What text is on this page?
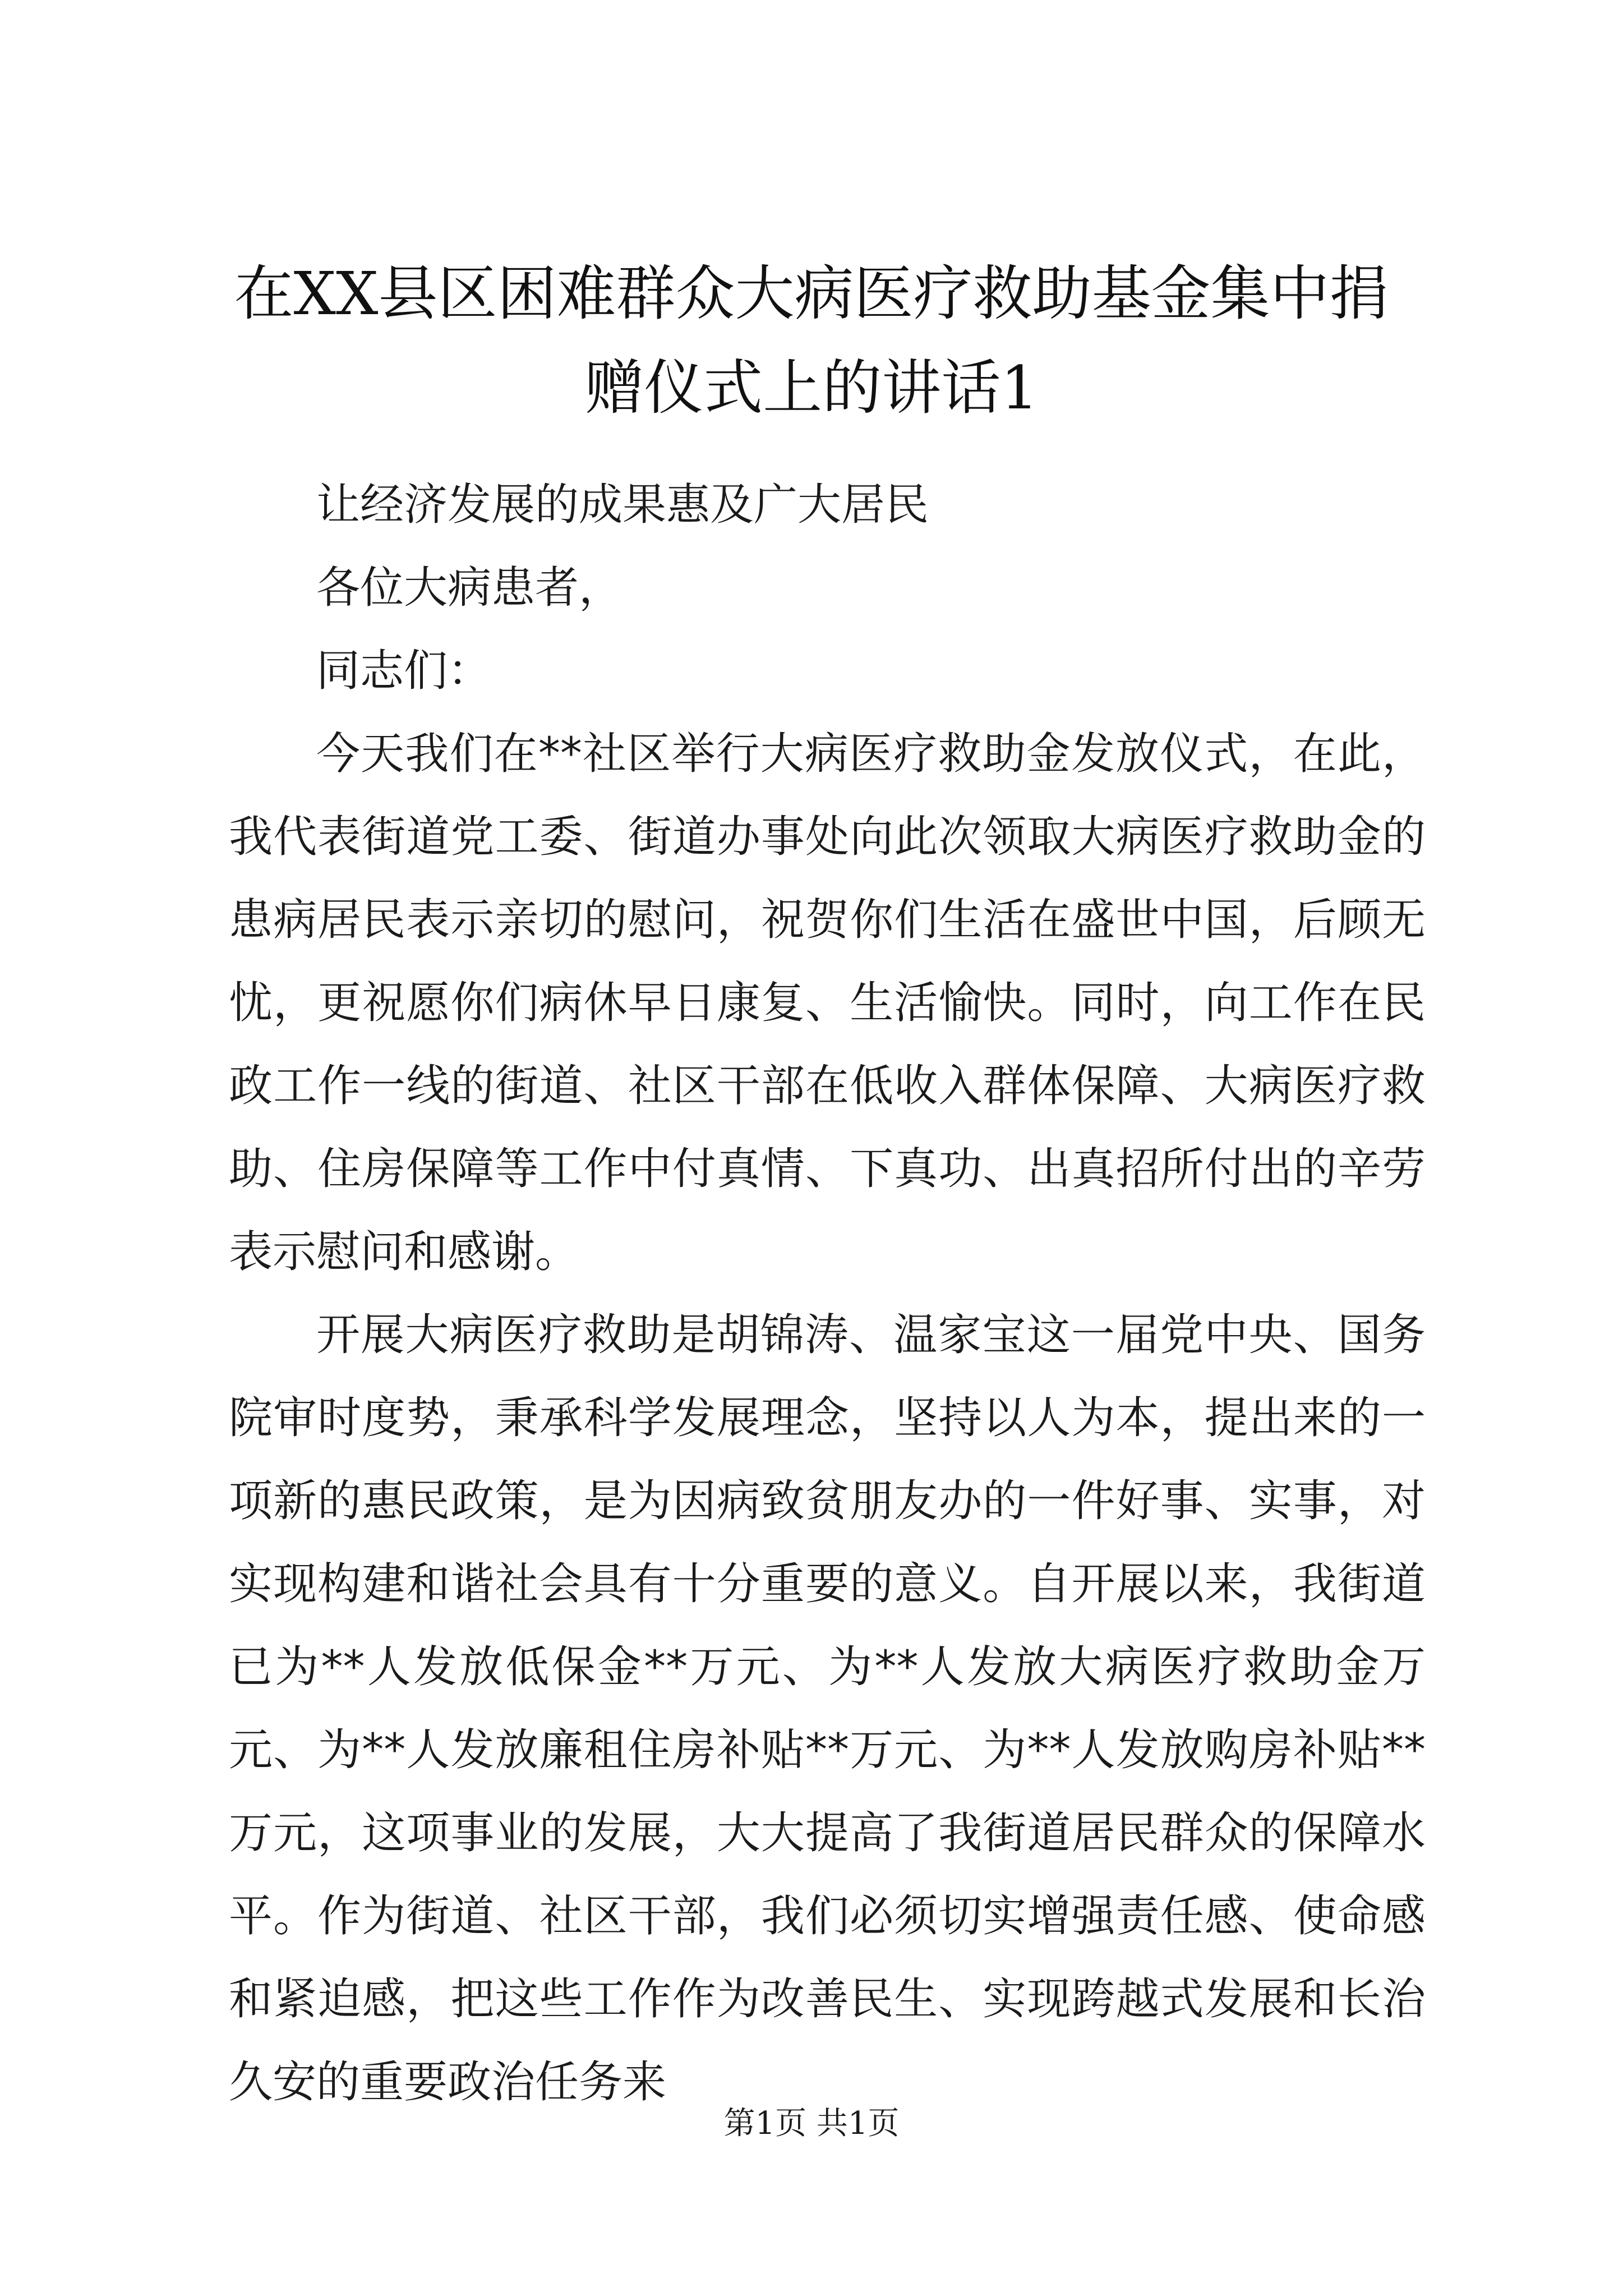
在XX县区困难群众大病医疗救助基金集中捐赠仪式上的讲话1

让经济发展的成果惠及广大居民

各位大病患者，

同志们：

今天我们在**社区举行大病医疗救助金发放仪式，在此，我代表街道党工委、街道办事处向此次领取大病医疗救助金的患病居民表示亲切的慰问，祝贺你们生活在盛世中国，后顾无忧，更祝愿你们病休早日康复、生活愉快。同时，向工作在民政工作一线的街道、社区干部在低收入群体保障、大病医疗救助、住房保障等工作中付真情、下真功、出真招所付出的辛劳表示慰问和感谢。

开展大病医疗救助是胡锦涛、温家宝这一届党中央、国务院审时度势，秉承科学发展理念，坚持以人为本，提出来的一项新的惠民政策，是为因病致贫朋友办的一件好事、实事，对实现构建和谐社会具有十分重要的意义。自开展以来，我街道已为**人发放低保金**万元、为**人发放大病医疗救助金万元、为**人发放廉租住房补贴**万元、为**人发放购房补贴**万元，这项事业的发展，大大提高了我街道居民群众的保障水平。作为街道、社区干部，我们必须切实增强责任感、使命感和紧迫感，把这些工作作为改善民生、实现跨越式发展和长治久安的重要政治任务来

第1页 共1页
